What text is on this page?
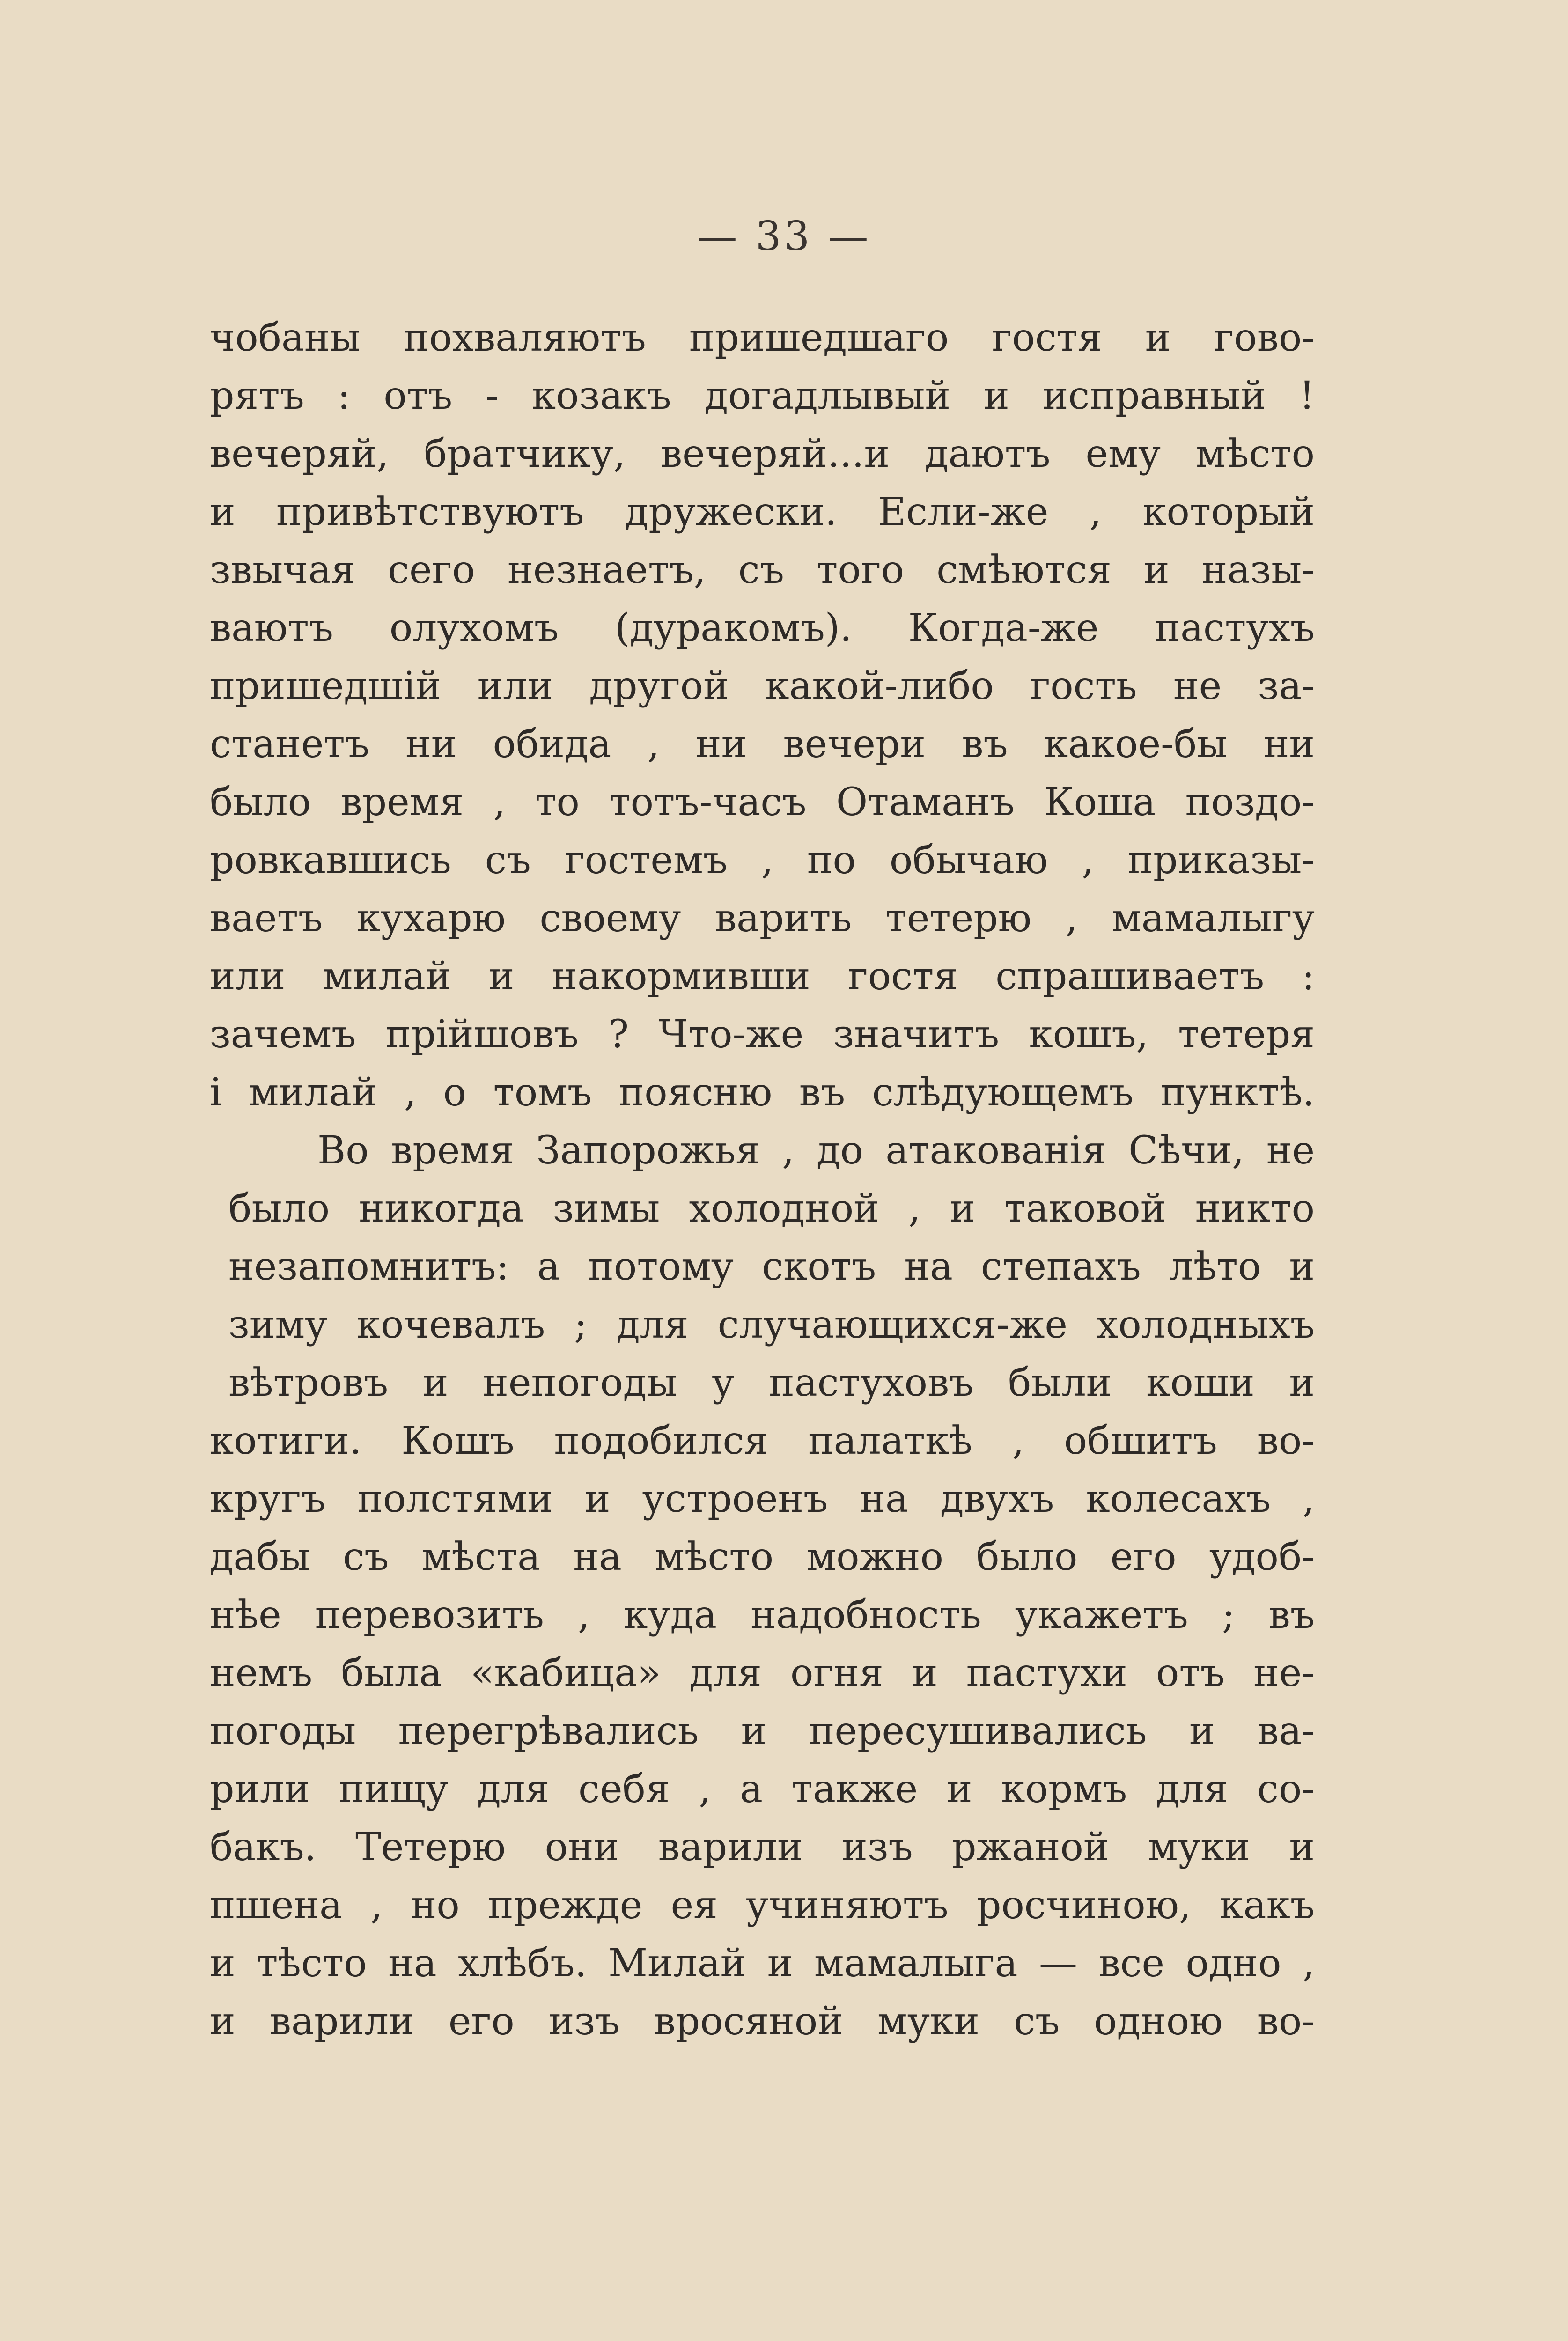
— 33 —
чобаны похваляютъ пришедшаго гостя и гово-
рятъ : отъ - козакъ догадлывый и исправный !
вечеряй, братчику, вечеряй...и даютъ ему мѣсто
и привѣтствуютъ дружески. Если-же , который
звычая сего незнаетъ, съ того смѣются и назы-
ваютъ олухомъ (дуракомъ). Когда-же пастухъ
пришедшій или другой какой-либо гость не за-
станетъ ни обида , ни вечери въ какое-бы ни
было время , то тотъ-часъ Отаманъ Коша поздо-
ровкавшись съ гостемъ , по обычаю , приказы-
ваетъ кухарю своему варить тетерю , мамалыгу
или милай и накормивши гостя спрашиваетъ :
зачемъ прійшовъ ? Что-же значитъ кошъ, тетеря
і милай , о томъ поясню въ слѣдующемъ пунктѣ.
Во время Запорожья , до атакованія Сѣчи, не
было никогда зимы холодной , и таковой никто
незапомнитъ: а потому скотъ на степахъ лѣто и
зиму кочевалъ ; для случающихся-же холодныхъ
вѣтровъ и непогоды у пастуховъ были коши и
котиги. Кошъ подобился палаткѣ , обшитъ во-
кругъ полстями и устроенъ на двухъ колесахъ ,
дабы съ мѣста на мѣсто можно было его удоб-
нѣе перевозить , куда надобность укажетъ ; въ
немъ была «кабица» для огня и пастухи отъ не-
погоды перегрѣвались и пересушивались и ва-
рили пищу для себя , а также и кормъ для со-
бакъ. Тетерю они варили изъ ржаной муки и
пшена , но прежде ея учиняютъ росчиною, какъ
и тѣсто на хлѣбъ. Милай и мамалыга — все одно ,
и варили его изъ вросяной муки съ одною во-
